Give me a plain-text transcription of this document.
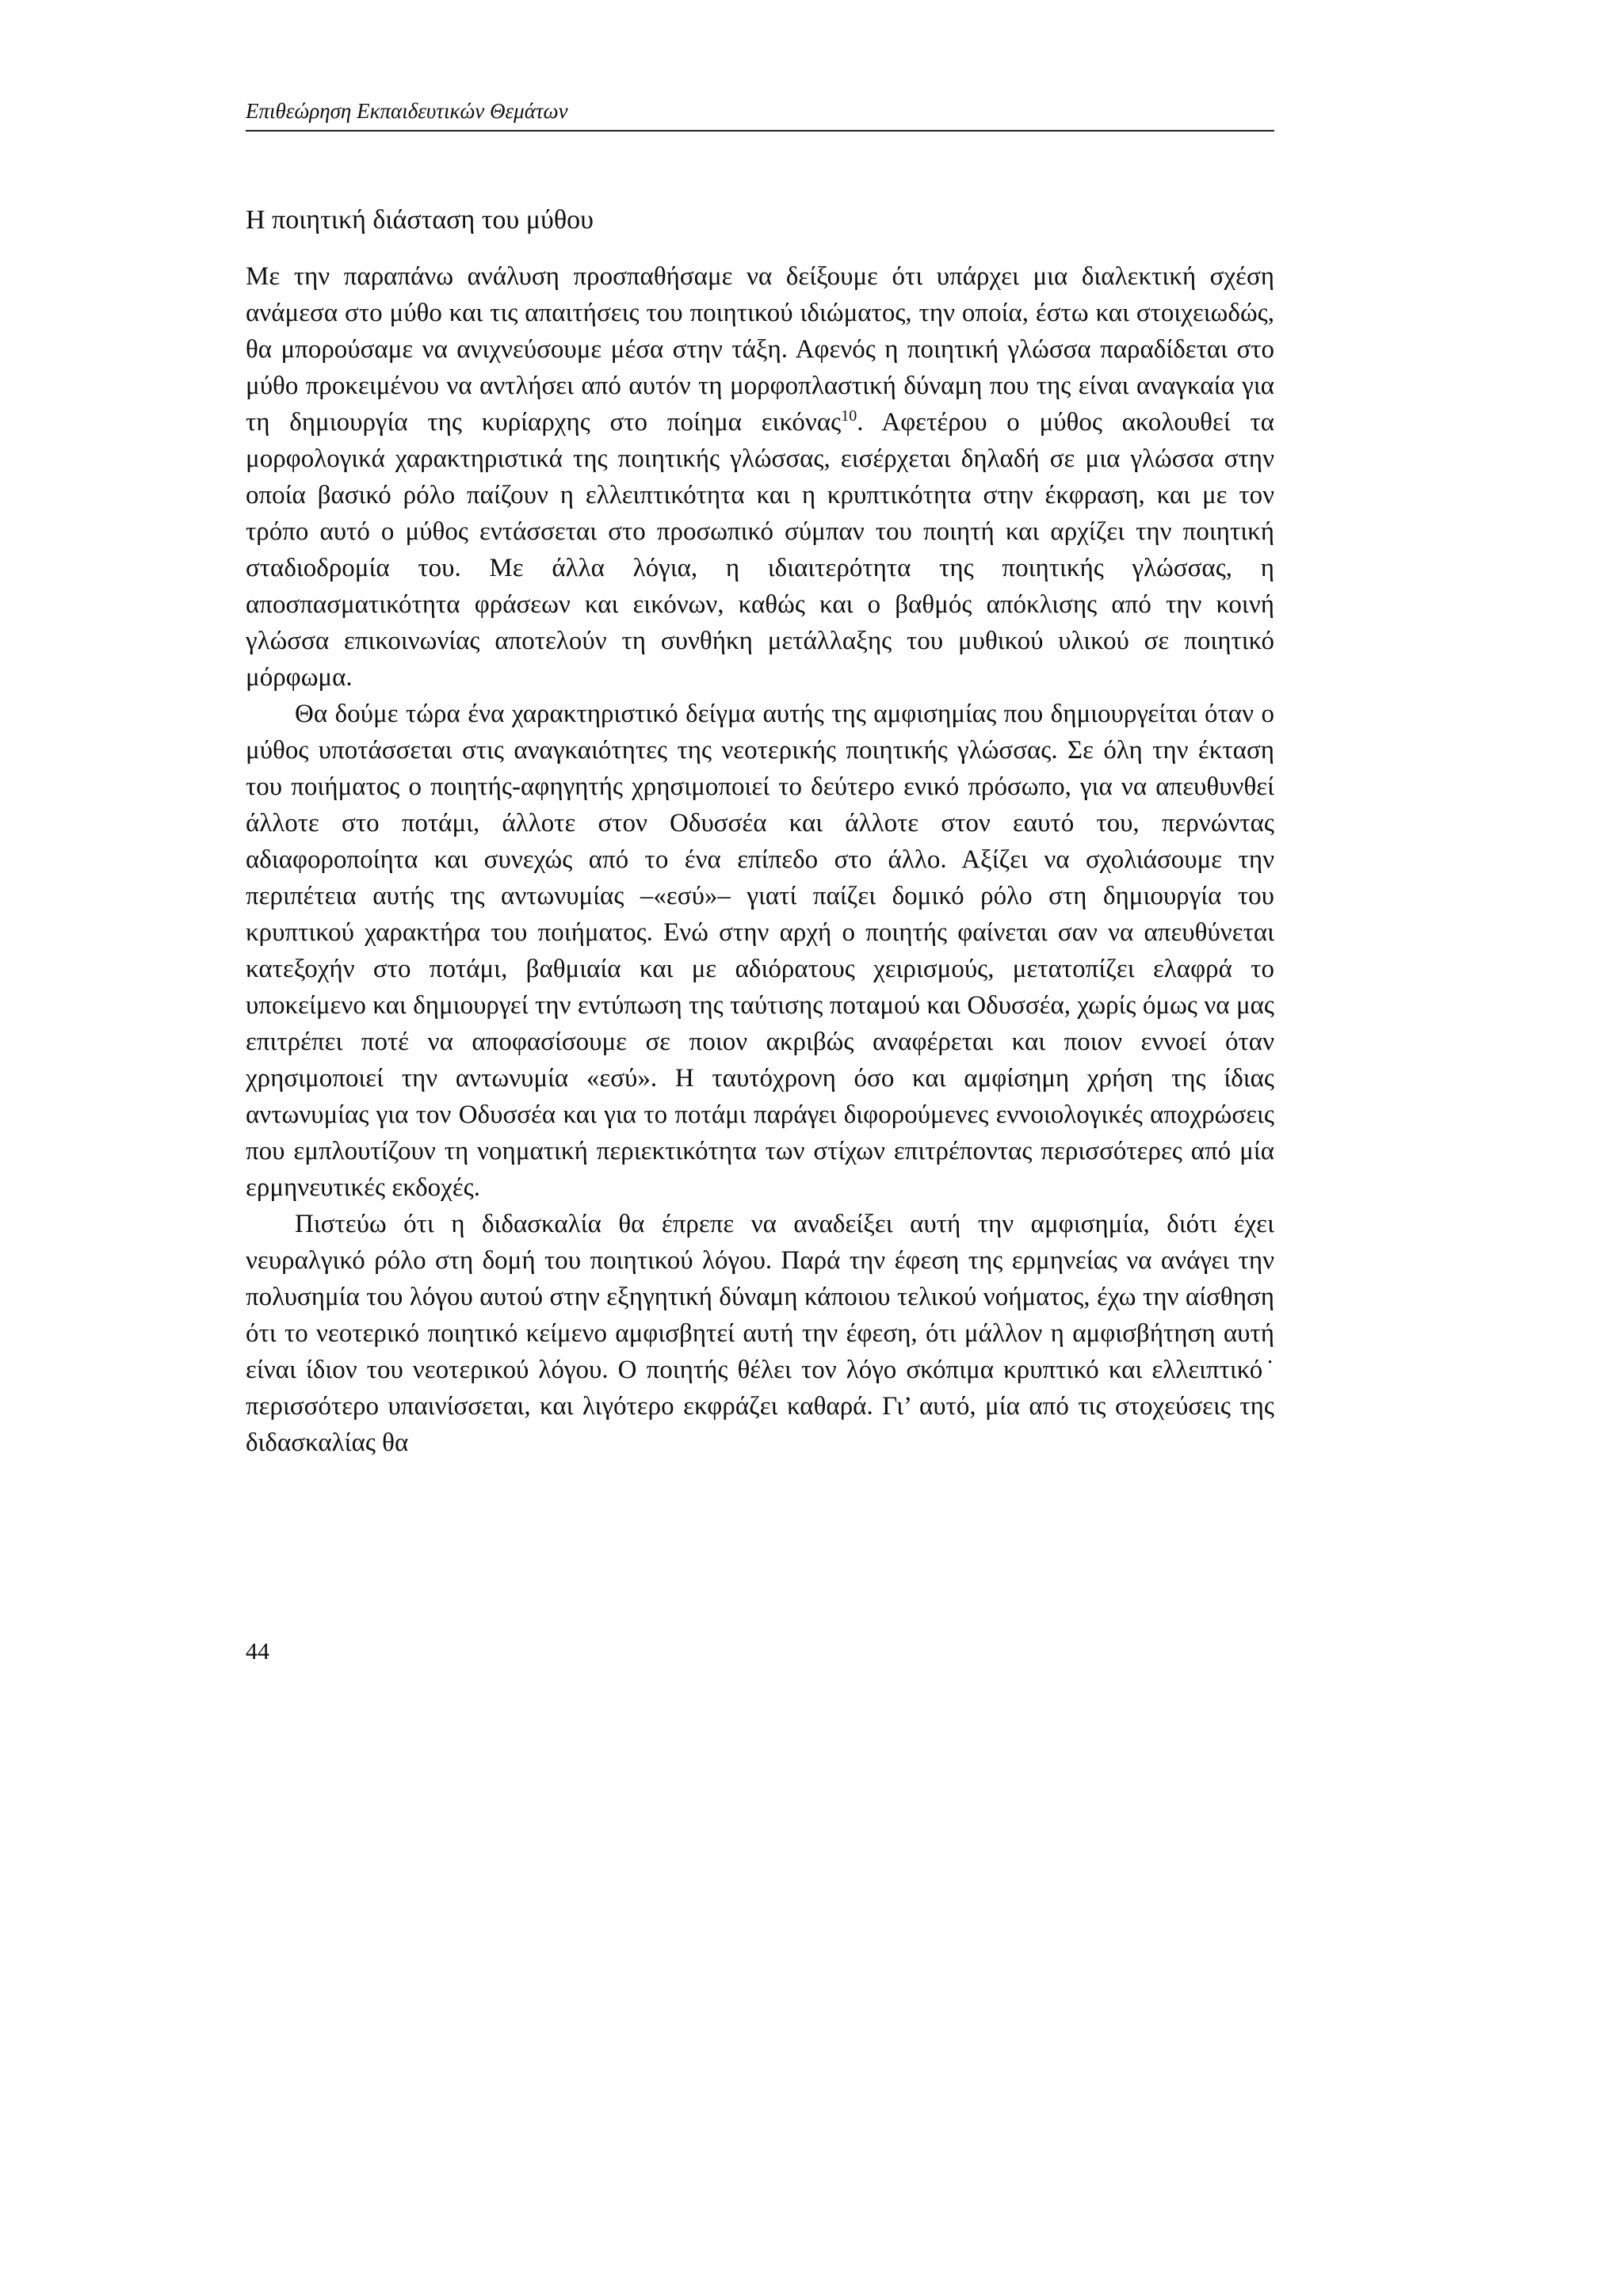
Επιθεώρηση Εκπαιδευτικών Θεμάτων
Η ποιητική διάσταση του μύθου

Με την παραπάνω ανάλυση προσπαθήσαμε να δείξουμε ότι υπάρχει μια διαλεκτική σχέση ανάμεσα στο μύθο και τις απαιτήσεις του ποιητικού ιδιώματος, την οποία, έστω και στοιχειωδώς, θα μπορούσαμε να ανιχνεύσουμε μέσα στην τάξη. Αφενός η ποιητική γλώσσα παραδίδεται στο μύθο προκειμένου να αντλήσει από αυτόν τη μορφοπλαστική δύναμη που της είναι αναγκαία για τη δημιουργία της κυρίαρχης στο ποίημα εικόνας$^{10}$. Αφετέρου ο μύθος ακολουθεί τα μορφολογικά χαρακτηριστικά της ποιητικής γλώσσας, εισέρχεται δηλαδή σε μια γλώσσα στην οποία βασικό ρόλο παίζουν η ελλειπτικότητα και η κρυπτικότητα στην έκφραση, και με τον τρόπο αυτό ο μύθος εντάσσεται στο προσωπικό σύμπαν του ποιητή και αρχίζει την ποιητική σταδιοδρομία του. Με άλλα λόγια, η ιδιαιτερότητα της ποιητικής γλώσσας, η αποσπασματικότητα φράσεων και εικόνων, καθώς και ο βαθμός απόκλισης από την κοινή γλώσσα επικοινωνίας αποτελούν τη συνθήκη μετάλλαξης του μυθικού υλικού σε ποιητικό μόρφωμα.

Θα δούμε τώρα ένα χαρακτηριστικό δείγμα αυτής της αμφισημίας που δημιουργείται όταν ο μύθος υποτάσσεται στις αναγκαιότητες της νεοτερικής ποιητικής γλώσσας. Σε όλη την έκταση του ποιήματος ο ποιητής-αφηγητής χρησιμοποιεί το δεύτερο ενικό πρόσωπο, για να απευθυνθεί άλλοτε στο ποτάμι, άλλοτε στον Οδυσσέα και άλλοτε στον εαυτό του, περνώντας αδιαφοροποίητα και συνεχώς από το ένα επίπεδο στο άλλο. Αξίζει να σχολιάσουμε την περιπέτεια αυτής της αντωνυμίας –«εσύ»– γιατί παίζει δομικό ρόλο στη δημιουργία του κρυπτικού χαρακτήρα του ποιήματος. Ενώ στην αρχή ο ποιητής φαίνεται σαν να απευθύνεται κατεξοχήν στο ποτάμι, βαθμιαία και με αδιόρατους χειρισμούς, μετατοπίζει ελαφρά το υποκείμενο και δημιουργεί την εντύπωση της ταύτισης ποταμού και Οδυσσέα, χωρίς όμως να μας επιτρέπει ποτέ να αποφασίσουμε σε ποιον ακριβώς αναφέρεται και ποιον εννοεί όταν χρησιμοποιεί την αντωνυμία «εσύ». Η ταυτόχρονη όσο και αμφίσημη χρήση της ίδιας αντωνυμίας για τον Οδυσσέα και για το ποτάμι παράγει διφορούμενες εννοιολογικές αποχρώσεις που εμπλουτίζουν τη νοηματική περιεκτικότητα των στίχων επιτρέποντας περισσότερες από μία ερμηνευτικές εκδοχές.

Πιστεύω ότι η διδασκαλία θα έπρεπε να αναδείξει αυτή την αμφισημία, διότι έχει νευραλγικό ρόλο στη δομή του ποιητικού λόγου. Παρά την έφεση της ερμηνείας να ανάγει την πολυσημία του λόγου αυτού στην εξηγητική δύναμη κάποιου τελικού νοήματος, έχω την αίσθηση ότι το νεοτερικό ποιητικό κείμενο αμφισβητεί αυτή την έφεση, ότι μάλλον η αμφισβήτηση αυτή είναι ίδιον του νεοτερικού λόγου. Ο ποιητής θέλει τον λόγο σκόπιμα κρυπτικό και ελλειπτικό˙ περισσότερο υπαινίσσεται, και λιγότερο εκφράζει καθαρά. Γι’ αυτό, μία από τις στοχεύσεις της διδασκαλίας θα

44
